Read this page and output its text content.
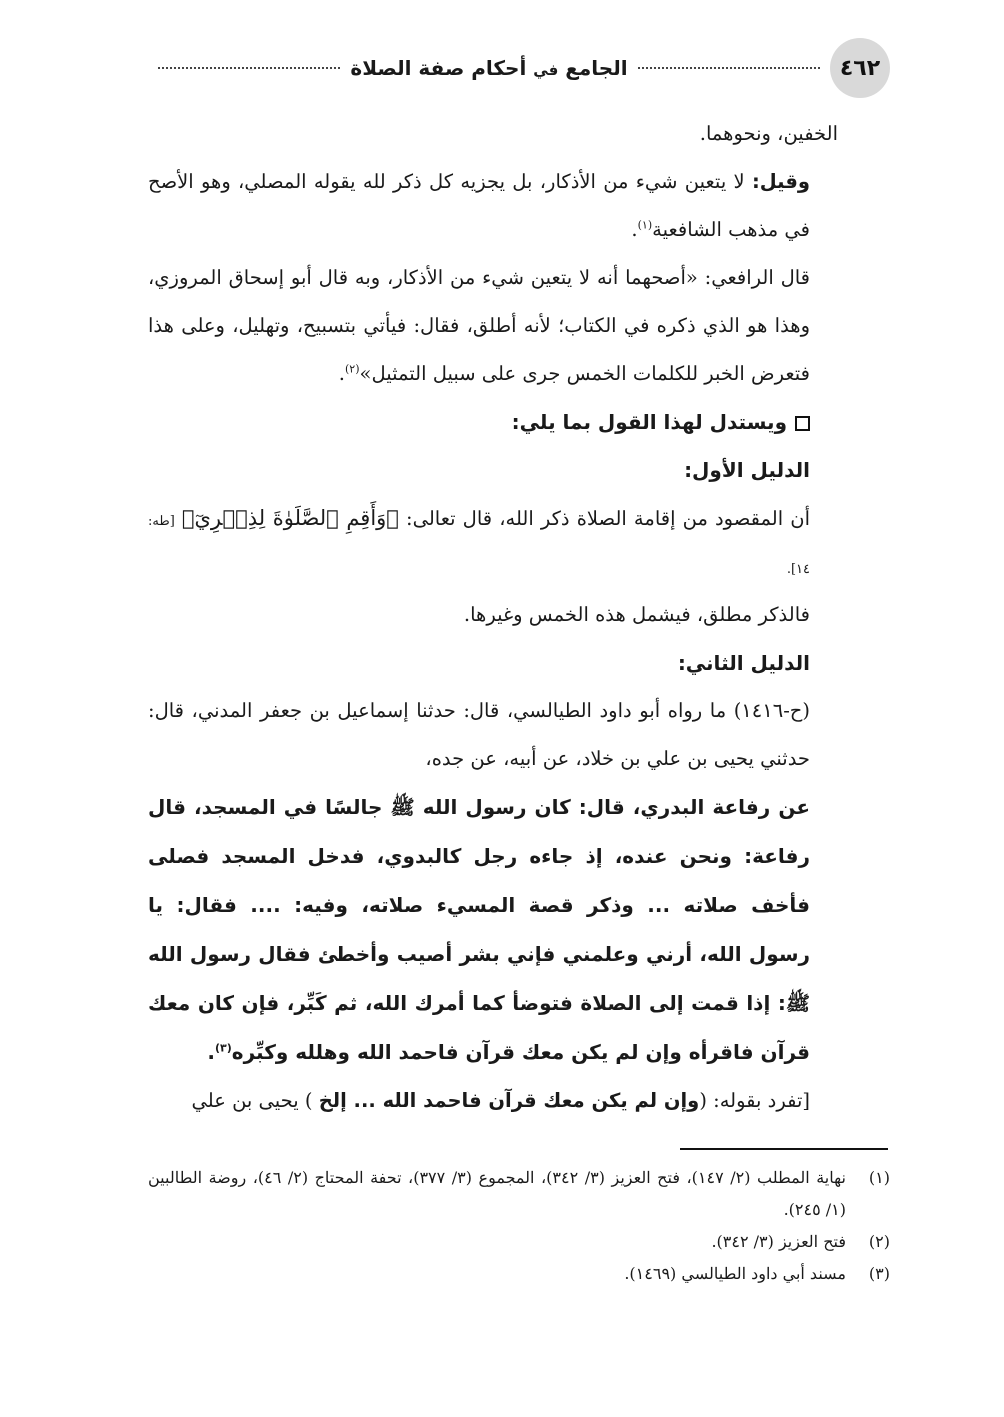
٤٦٢
الجامع في أحكام صفة الصلاة

الخفين، ونحوهما.

وقيل: لا يتعين شيء من الأذكار، بل يجزيه كل ذكر لله يقوله المصلي، وهو الأصح في مذهب الشافعية$^{(١)}$.

قال الرافعي: «أصحهما أنه لا يتعين شيء من الأذكار، وبه قال أبو إسحاق المروزي، وهذا هو الذي ذكره في الكتاب؛ لأنه أطلق، فقال: فيأتي بتسبيح، وتهليل، وعلى هذا فتعرض الخبر للكلمات الخمس جرى على سبيل التمثيل»$^{(٢)}$.

ويستدل لهذا القول بما يلي:

الدليل الأول:

أن المقصود من إقامة الصلاة ذكر الله، قال تعالى: ﴿وَأَقِمِ ٱلصَّلَوٰةَ لِذِكۡرِيٓ﴾ [طه: ١٤].

فالذكر مطلق، فيشمل هذه الخمس وغيرها.

الدليل الثاني:

(ح-١٤١٦) ما رواه أبو داود الطيالسي، قال: حدثنا إسماعيل بن جعفر المدني، قال: حدثني يحيى بن علي بن خلاد، عن أبيه، عن جده،

عن رفاعة البدري، قال: كان رسول الله ﷺ جالسًا في المسجد، قال رفاعة: ونحن عنده، إذ جاءه رجل كالبدوي، فدخل المسجد فصلى فأخف صلاته ... وذكر قصة المسيء صلاته، وفيه: .... فقال: يا رسول الله، أرني وعلمني فإني بشر أصيب وأخطئ فقال رسول الله ﷺ: إذا قمت إلى الصلاة فتوضأ كما أمرك الله، ثم كَبِّر، فإن كان معك قرآن فاقرأه وإن لم يكن معك قرآن فاحمد الله وهلله وكبِّره$^{(٣)}$.

[تفرد بقوله: (وإن لم يكن معك قرآن فاحمد الله ... إلخ ) يحيى بن علي

(١)
نهاية المطلب (٢/ ١٤٧)، فتح العزيز (٣/ ٣٤٢)، المجموع (٣/ ٣٧٧)، تحفة المحتاج (٢/ ٤٦)، روضة الطالبين (١/ ٢٤٥).
(٢)
فتح العزيز (٣/ ٣٤٢).
(٣)
مسند أبي داود الطيالسي (١٤٦٩).
